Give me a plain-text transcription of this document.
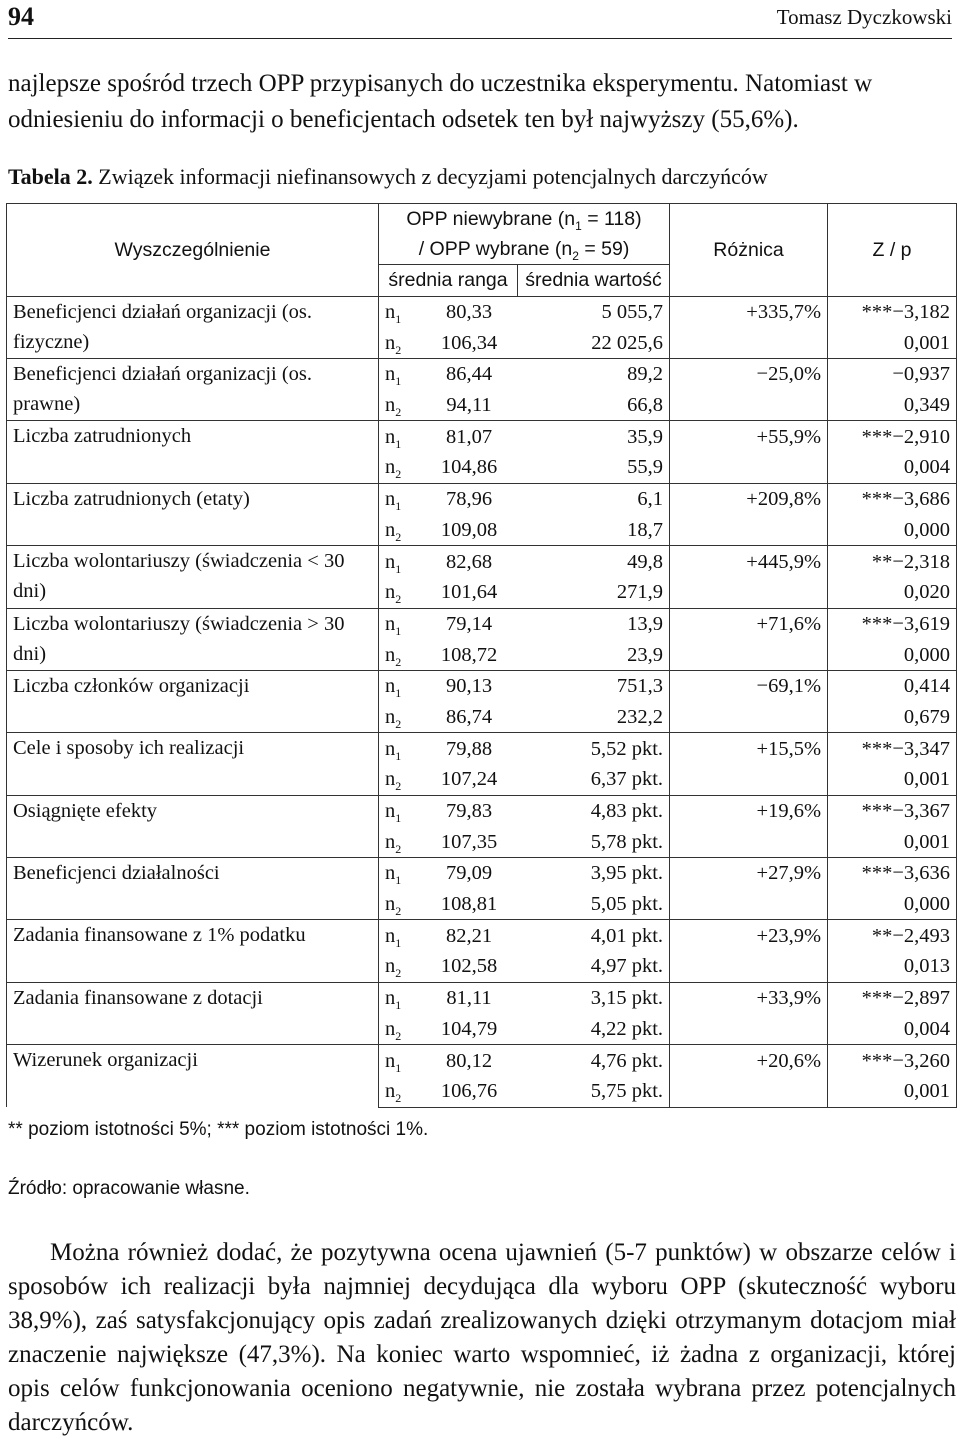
94	Tomasz Dyczkowski
najlepsze spośród trzech OPP przypisanych do uczestnika eksperymentu. Natomiast w odniesieniu do informacji o beneficjentach odsetek ten był najwyższy (55,6%).
Tabela 2. Związek informacji niefinansowych z decyzjami potencjalnych darczyńców
Wyszczególnienie	OPP niewybrane $(n_1 = 118)$
/ OPP wybrane $(n_2 = 59)$			Różnica	Z / p

	średnia ranga		średnia wartość		
Beneficjenci działań organizacji (os. fizyczne)	$n_1$	80,33	5 055,7	+335,7%	***−3,182
	$n_2$	106,34	22 025,6		0,001
Beneficjenci działań organizacji (os. prawne)	$n_1$	86,44	89,2	−25,0%	−0,937
	$n_2$	94,11	66,8		0,349
Liczba zatrudnionych	$n_1$	81,07	35,9	+55,9%	***−2,910
	$n_2$	104,86	55,9		0,004
Liczba zatrudnionych (etaty)	$n_1$	78,96	6,1	+209,8%	***−3,686
	$n_2$	109,08	18,7		0,000
Liczba wolontariuszy (świadczenia < 30 dni)	$n_1$	82,68	49,8	+445,9%	**−2,318
	$n_2$	101,64	271,9		0,020
Liczba wolontariuszy (świadczenia > 30 dni)	$n_1$	79,14	13,9	+71,6%	***−3,619
	$n_2$	108,72	23,9		0,000
Liczba członków organizacji	$n_1$	90,13	751,3	−69,1%	0,414
	$n_2$	86,74	232,2		0,679
Cele i sposoby ich realizacji	$n_1$	79,88	5,52 pkt.	+15,5%	***−3,347
	$n_2$	107,24	6,37 pkt.		0,001
Osiągnięte efekty	$n_1$	79,83	4,83 pkt.	+19,6%	***−3,367
	$n_2$	107,35	5,78 pkt.		0,001
Beneficjenci działalności	$n_1$	79,09	3,95 pkt.	+27,9%	***−3,636
	$n_2$	108,81	5,05 pkt.		0,000
Zadania finansowane z 1% podatku	$n_1$	82,21	4,01 pkt.	+23,9%	**−2,493
	$n_2$	102,58	4,97 pkt.		0,013
Zadania finansowane z dotacji	$n_1$	81,11	3,15 pkt.	+33,9%	***−2,897
	$n_2$	104,79	4,22 pkt.		0,004
Wizerunek organizacji	$n_1$	80,12	4,76 pkt.	+20,6%	***−3,260
	$n_2$	106,76	5,75 pkt.		0,001
** poziom istotności 5%; *** poziom istotności 1%.
Źródło: opracowanie własne.
Można również dodać, że pozytywna ocena ujawnień (5-7 punktów) w obszarze celów i sposobów ich realizacji była najmniej decydująca dla wyboru OPP (skuteczność wyboru 38,9%), zaś satysfakcjonujący opis zadań zrealizowanych dzięki otrzymanym dotacjom miał znaczenie największe (47,3%). Na koniec warto wspomnieć, iż żadna z organizacji, której opis celów funkcjonowania oceniono negatywnie, nie została wybrana przez potencjalnych darczyńców.
